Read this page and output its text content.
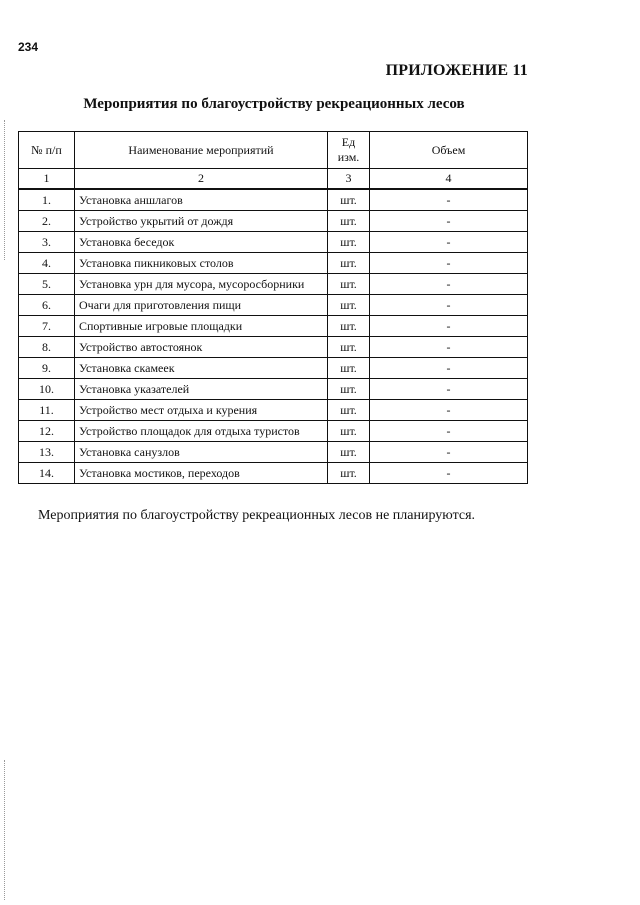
234
ПРИЛОЖЕНИЕ 11
Мероприятия по благоустройству рекреационных лесов
№ п/п	Наименование мероприятий	Ед изм.	Объем
1	2	3	4
1.	Установка аншлагов	шт.	-
2.	Устройство укрытий от дождя	шт.	-
3.	Установка беседок	шт.	-
4.	Установка пикниковых столов	шт.	-
5.	Установка урн для мусора, мусоросборники	шт.	-
6.	Очаги для приготовления пищи	шт.	-
7.	Спортивные игровые площадки	шт.	-
8.	Устройство автостоянок	шт.	-
9.	Установка скамеек	шт.	-
10.	Установка указателей	шт.	-
11.	Устройство мест отдыха и курения	шт.	-
12.	Устройство площадок для отдыха туристов	шт.	-
13.	Установка санузлов	шт.	-
14.	Установка мостиков, переходов	шт.	-
Мероприятия по благоустройству рекреационных лесов не планируются.
